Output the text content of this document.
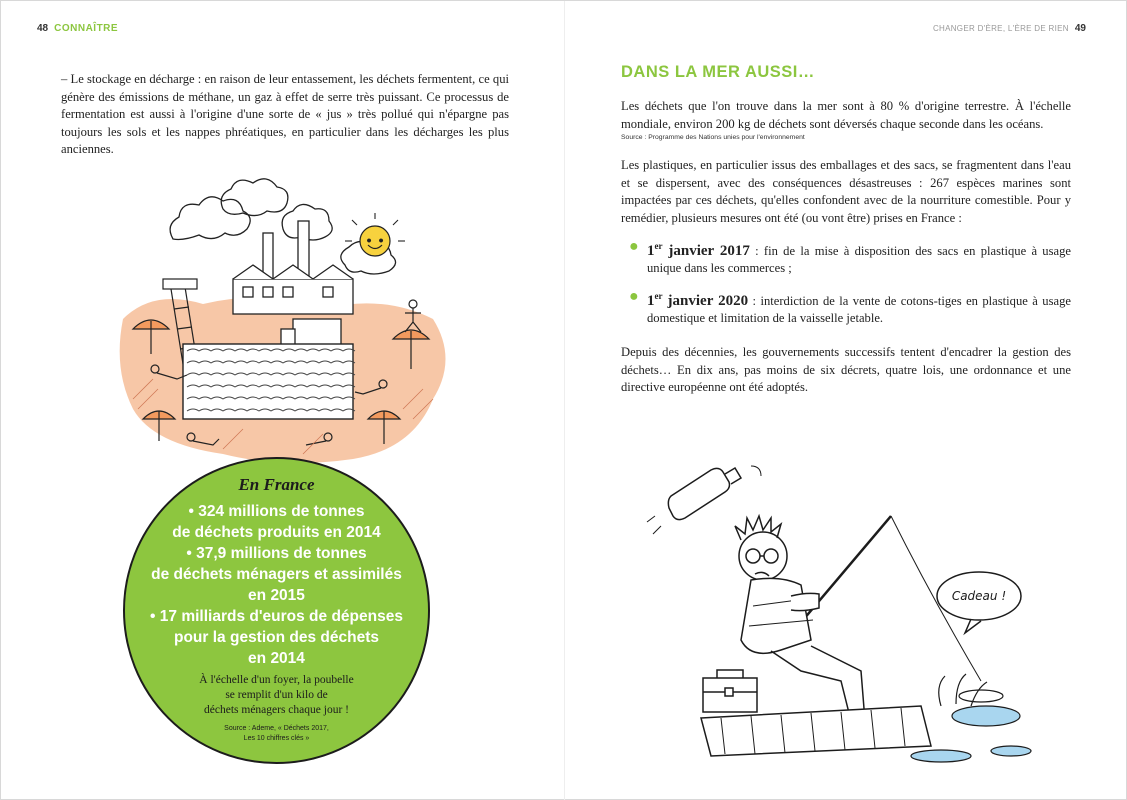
48 CONNAÎTRE

– Le stockage en décharge : en raison de leur entassement, les déchets fermentent, ce qui génère des émissions de méthane, un gaz à effet de serre très puissant. Ce processus de fermentation est aussi à l'origine d'une sorte de « jus » très pollué qui n'épargne pas toujours les sols et les nappes phréatiques, en particulier dans les décharges les plus anciennes.

En France
• 324 millions de tonnes
de déchets produits en 2014
• 37,9 millions de tonnes
de déchets ménagers et assimilés
en 2015
• 17 milliards d'euros de dépenses
pour la gestion des déchets
en 2014
À l'échelle d'un foyer, la poubelle
se remplit d'un kilo de
déchets ménagers chaque jour !
Source : Ademe, « Déchets 2017,
Les 10 chiffres clés »
CHANGER D'ÈRE, L'ÈRE DE RIEN 49
DANS LA MER AUSSI…

Les déchets que l'on trouve dans la mer sont à 80 % d'origine terrestre. À l'échelle mondiale, environ 200 kg de déchets sont déversés chaque seconde dans les océans.

Source : Programme des Nations unies pour l'environnement

Les plastiques, en particulier issus des emballages et des sacs, se fragmentent dans l'eau et se dispersent, avec des conséquences désastreuses : 267 espèces marines sont impactées par ces déchets, qu'elles confondent avec de la nourriture comestible. Pour y remédier, plusieurs mesures ont été (ou vont être) prises en France :

● 1er janvier 2017 : fin de la mise à disposition des sacs en plastique à usage unique dans les commerces ;
● 1er janvier 2020 : interdiction de la vente de cotons-tiges en plastique à usage domestique et limitation de la vaisselle jetable.

Depuis des décennies, les gouvernements successifs tentent d'encadrer la gestion des déchets… En dix ans, pas moins de six décrets, quatre lois, une ordonnance et une directive européenne ont été adoptés.

Cadeau !
